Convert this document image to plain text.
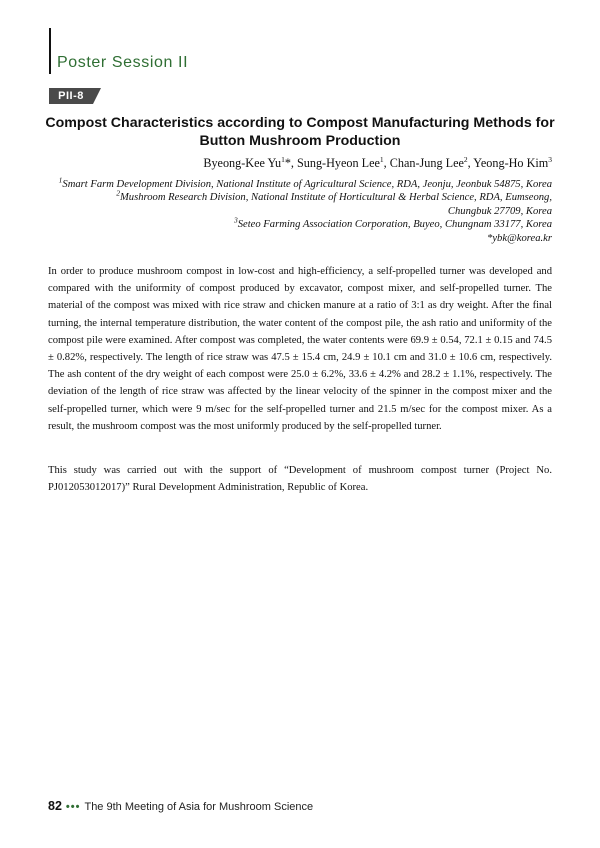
Poster Session II
PII-8
Compost Characteristics according to Compost Manufacturing Methods for
Button Mushroom Production
Byeong-Kee Yu$^1$*, Sung-Hyeon Lee$^1$, Chan-Jung Lee$^2$, Yeong-Ho Kim$^3$
$^1$Smart Farm Development Division, National Institute of Agricultural Science, RDA, Jeonju, Jeonbuk 54875, Korea
$^2$Mushroom Research Division, National Institute of Horticultural & Herbal Science, RDA, Eumseong,
Chungbuk 27709, Korea
$^3$Seteo Farming Association Corporation, Buyeo, Chungnam 33177, Korea
*ybk@korea.kr

In order to produce mushroom compost in low-cost and high-efficiency, a self-propelled turner was developed and compared with the uniformity of compost produced by excavator, compost mixer, and self-propelled turner. The material of the compost was mixed with rice straw and chicken manure at a ratio of 3:1 as dry weight. After the final turning, the internal temperature distribution, the water content of the compost pile, the ash ratio and uniformity of the compost pile were examined. After compost was completed, the water contents were 69.9 ± 0.54, 72.1 ± 0.15 and 74.5 ± 0.82%, respectively. The length of rice straw was 47.5 ± 15.4 cm, 24.9 ± 10.1 cm and 31.0 ± 10.6 cm, respectively. The ash content of the dry weight of each compost were 25.0 ± 6.2%, 33.6 ± 4.2% and 28.2 ± 1.1%, respectively. The deviation of the length of rice straw was affected by the linear velocity of the spinner in the compost mixer and the self-propelled turner, which were 9 m/sec for the self-propelled turner and 21.5 m/sec for the compost mixer. As a result, the mushroom compost was the most uniformly produced by the self-propelled turner.

This study was carried out with the support of “Development of mushroom compost turner (Project No. PJ012053012017)” Rural Development Administration, Republic of Korea.

82 ••• The 9th Meeting of Asia for Mushroom Science
